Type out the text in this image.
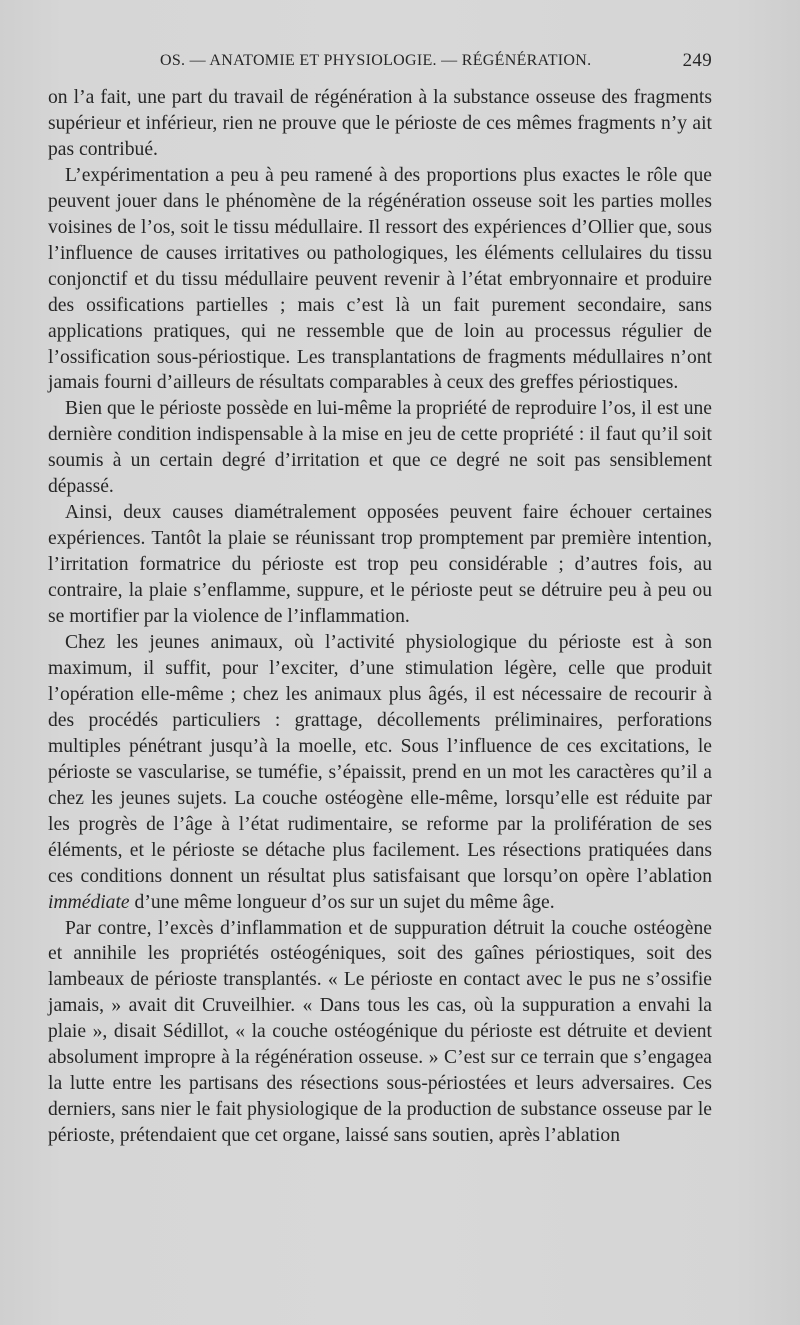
OS. — ANATOMIE ET PHYSIOLOGIE. — RÉGÉNÉRATION.	249

on l’a fait, une part du travail de régénération à la substance osseuse des fragments supérieur et inférieur, rien ne prouve que le périoste de ces mêmes fragments n’y ait pas contribué.

L’expérimentation a peu à peu ramené à des proportions plus exactes le rôle que peuvent jouer dans le phénomène de la régénération osseuse soit les parties molles voisines de l’os, soit le tissu médullaire. Il ressort des expériences d’Ollier que, sous l’influence de causes irritatives ou pathologiques, les éléments cellulaires du tissu conjonctif et du tissu médullaire peuvent revenir à l’état embryonnaire et produire des ossifications partielles ; mais c’est là un fait purement secondaire, sans applications pratiques, qui ne ressemble que de loin au processus régulier de l’ossification sous-périostique. Les transplantations de fragments médullaires n’ont jamais fourni d’ailleurs de résultats comparables à ceux des greffes périostiques.

Bien que le périoste possède en lui-même la propriété de reproduire l’os, il est une dernière condition indispensable à la mise en jeu de cette propriété : il faut qu’il soit soumis à un certain degré d’irritation et que ce degré ne soit pas sensiblement dépassé.

Ainsi, deux causes diamétralement opposées peuvent faire échouer certaines expériences. Tantôt la plaie se réunissant trop promptement par première intention, l’irritation formatrice du périoste est trop peu considérable ; d’autres fois, au contraire, la plaie s’enflamme, suppure, et le périoste peut se détruire peu à peu ou se mortifier par la violence de l’inflammation.

Chez les jeunes animaux, où l’activité physiologique du périoste est à son maximum, il suffit, pour l’exciter, d’une stimulation légère, celle que produit l’opération elle-même ; chez les animaux plus âgés, il est nécessaire de recourir à des procédés particuliers : grattage, décollements préliminaires, perforations multiples pénétrant jusqu’à la moelle, etc. Sous l’influence de ces excitations, le périoste se vascularise, se tuméfie, s’épaissit, prend en un mot les caractères qu’il a chez les jeunes sujets. La couche ostéogène elle-même, lorsqu’elle est réduite par les progrès de l’âge à l’état rudimentaire, se reforme par la prolifération de ses éléments, et le périoste se détache plus facilement. Les résections pratiquées dans ces conditions donnent un résultat plus satisfaisant que lorsqu’on opère l’ablation immédiate d’une même longueur d’os sur un sujet du même âge.

Par contre, l’excès d’inflammation et de suppuration détruit la couche ostéogène et annihile les propriétés ostéogéniques, soit des gaînes périostiques, soit des lambeaux de périoste transplantés. « Le périoste en contact avec le pus ne s’ossifie jamais, » avait dit Cruveilhier. « Dans tous les cas, où la suppuration a envahi la plaie », disait Sédillot, « la couche ostéogénique du périoste est détruite et devient absolument impropre à la régénération osseuse. » C’est sur ce terrain que s’engagea la lutte entre les partisans des résections sous-périostées et leurs adversaires. Ces derniers, sans nier le fait physiologique de la production de substance osseuse par le périoste, prétendaient que cet organe, laissé sans soutien, après l’ablation
